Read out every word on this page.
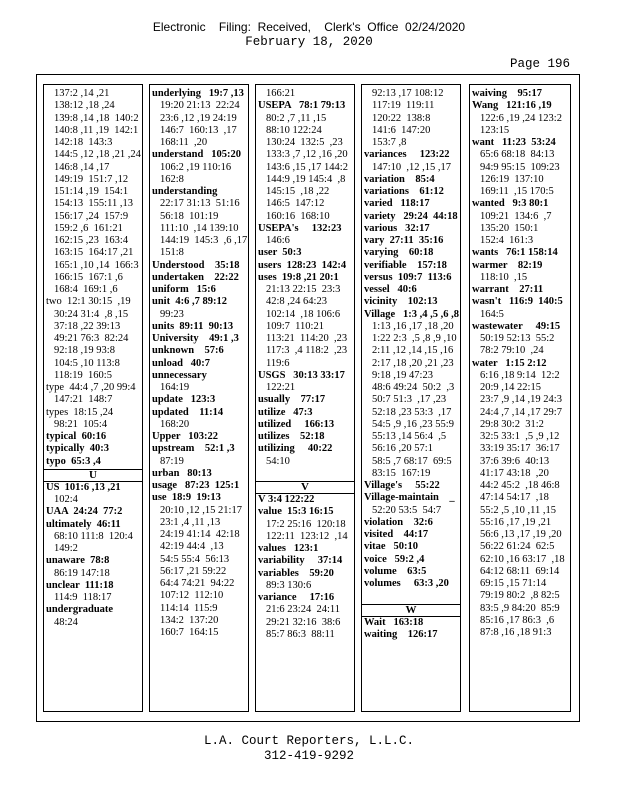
Electronic    Filing:  Received,    Clerk's  Office  02/24/2020
February 18, 2020
Page 196
137:2 ,14 ,21
138:12 ,18 ,24
139:8 ,14 ,18  140:2
140:8 ,11 ,19  142:1
142:18  143:3
144:5 ,12 ,18 ,21 ,24
146:8 ,14 ,17
149:19  151:7 ,12
151:14 ,19  154:1
154:13  155:11 ,13
156:17 ,24  157:9
159:2 ,6  161:21
162:15 ,23  163:4
163:15  164:17 ,21
165:1 ,10 ,14  166:3
166:15  167:1 ,6
168:4  169:1 ,6
two  12:1 30:15  ,19
30:24 31:4  ,8 ,15
37:18 ,22 39:13
49:21 76:3  82:24
92:18 ,19 93:8
104:5 ,10 113:8
118:19  160:5
type  44:4 ,7 ,20 99:4
147:21  148:7
types  18:15 ,24
98:21  105:4
typical  60:16
typically  40:3
typo  65:3 ,4
U
US  101:6 ,13 ,21
102:4
UAA  24:24  77:2
ultimately  46:11
68:10 111:8  120:4
149:2
unaware  78:8
86:19 147:18
unclear  111:18
114:9  118:17
undergraduate
48:24
underlying   19:7 ,13
19:20 21:13  22:24
23:6 ,12 ,19 24:19
146:7  160:13  ,17
168:11  ,20
understand   105:20
106:2 ,19 110:16
162:8
understanding
22:17 31:13  51:16
56:18  101:19
111:10  ,14 139:10
144:19  145:3  ,6 ,17
151:8
Understood    35:18
undertaken    22:22
uniform   15:6
unit  4:6 ,7 89:12
99:23
units  89:11  90:13
University    49:1 ,3
unknown    57:6
unload   40:7
unnecessary
164:19
update   123:3
updated    11:14
168:20
Upper   103:22
upstream    52:1 ,3
87:19
urban   80:13
usage   87:23  125:1
use  18:9  19:13
20:10 ,12 ,15 21:17
23:1 ,4 ,11 ,13
24:19 41:14  42:18
42:19 44:4  ,13
54:5 55:4  56:13
56:17 ,21 59:22
64:4 74:21  94:22
107:12  112:10
114:14  115:9
134:2  137:20
160:7  164:15
166:21
USEPA   78:1 79:13
80:2 ,7 ,11 ,15
88:10 122:24
130:24  132:5  ,23
133:3 ,7 ,12 ,16 ,20
143:6 ,15 ,17 144:2
144:9 ,19 145:4  ,8
145:15  ,18 ,22
146:5  147:12
160:16  168:10
USEPA's     132:23
146:6
user  50:3
users  128:23  142:4
uses  19:8 ,21 20:1
21:13 22:15  23:3
42:8 ,24 64:23
102:14  ,18 106:6
109:7  110:21
113:21  114:20  ,23
117:3  ,4 118:2  ,23
119:6
USGS   30:13 33:17
122:21
usually    77:17
utilize   47:3
utilized     166:13
utilizes    52:18
utilizing     40:22
54:10
V
V 3:4 122:22
value  15:3 16:15
17:2 25:16  120:18
122:11  123:12  ,14
values   123:1
variability     37:14
variables    59:20
89:3 130:6
variance     17:16
21:6 23:24  24:11
29:21 32:16  38:6
85:7 86:3  88:11
92:13 ,17 108:12
117:19  119:11
120:22  138:8
141:6  147:20
153:7 ,8
variances     123:22
147:10  ,12 ,15 ,17
variation    85:4
variations    61:12
varied   118:17
variety   29:24  44:18
various   32:17
vary  27:11  35:16
varying    60:18
verifiable    157:18
versus  109:7  113:6
vessel   40:6
vicinity    102:13
Village   1:3 ,4 ,5 ,6 ,8
1:13 ,16 ,17 ,18 ,20
1:22 2:3  ,5 ,8 ,9 ,10
2:11 ,12 ,14 ,15 ,16
2:17 ,18 ,20 ,21 ,23
9:18 ,19 47:23
48:6 49:24  50:2  ,3
50:7 51:3  ,17 ,23
52:18 ,23 53:3  ,17
54:5 ,9 ,16 ,23 55:9
55:13 ,14 56:4  ,5
56:16 ,20 57:1
58:5 ,7 68:17  69:5
83:15  167:19
Village's     55:22
Village-maintain    _
52:20 53:5  54:7
violation    32:6
visited    44:17
vitae   50:10
voice   59:2 ,4
volume    63:5
volumes     63:3 ,20
W
Wait   163:18
waiting    126:17
waiving    95:17
Wang   121:16 ,19
122:6 ,19 ,24 123:2
123:15
want   11:23  53:24
65:6 68:18  84:13
94:9 95:15  109:23
126:19  137:10
169:11  ,15 170:5
wanted   9:3 80:1
109:21  134:6  ,7
135:20  150:1
152:4  161:3
wants   76:1 158:14
warmer    82:19
118:10  ,15
warrant    27:11
wasn't   116:9  140:5
164:5
wastewater     49:15
50:19 52:13  55:2
78:2 79:10  ,24
water   1:15 2:12
6:16 ,18 9:14  12:2
20:9 ,14 22:15
23:7 ,9 ,14 ,19 24:3
24:4 ,7 ,14 ,17 29:7
29:8 30:2  31:2
32:5 33:1  ,5 ,9 ,12
33:19 35:17  36:17
37:6 39:6  40:13
41:17 43:18  ,20
44:2 45:2  ,18 46:8
47:14 54:17  ,18
55:2 ,5 ,10 ,11 ,15
55:16 ,17 ,19 ,21
56:6 ,13 ,17 ,19 ,20
56:22 61:24  62:5
62:10 ,16 63:17  ,18
64:12 68:11  69:14
69:15 ,15 71:14
79:19 80:2  ,8 82:5
83:5 ,9 84:20  85:9
85:16 ,17 86:3  ,6
87:8 ,16 ,18 91:3
L.A. Court Reporters, L.L.C.
312-419-9292
